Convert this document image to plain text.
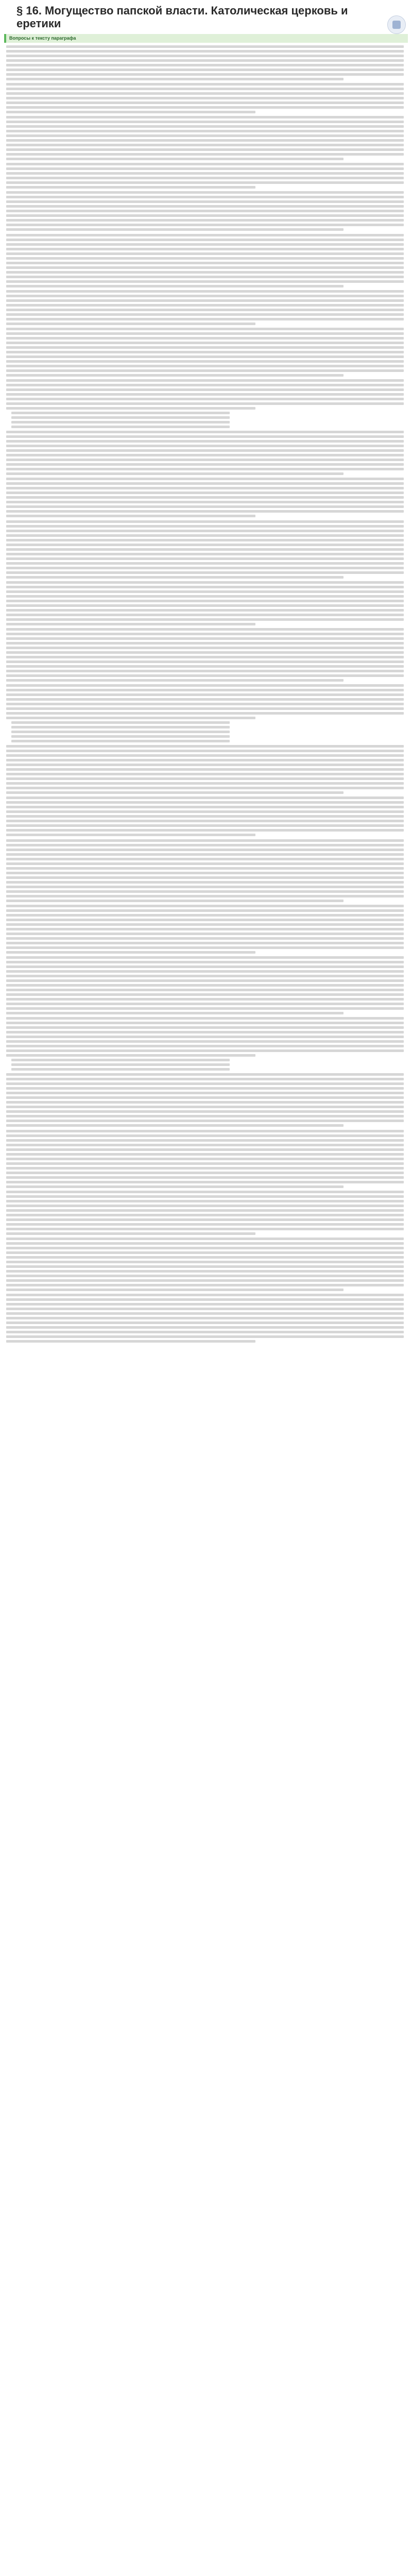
§ 16. Могущество папской власти. Католическая церковь и еретики
Вопросы к тексту параграфа
